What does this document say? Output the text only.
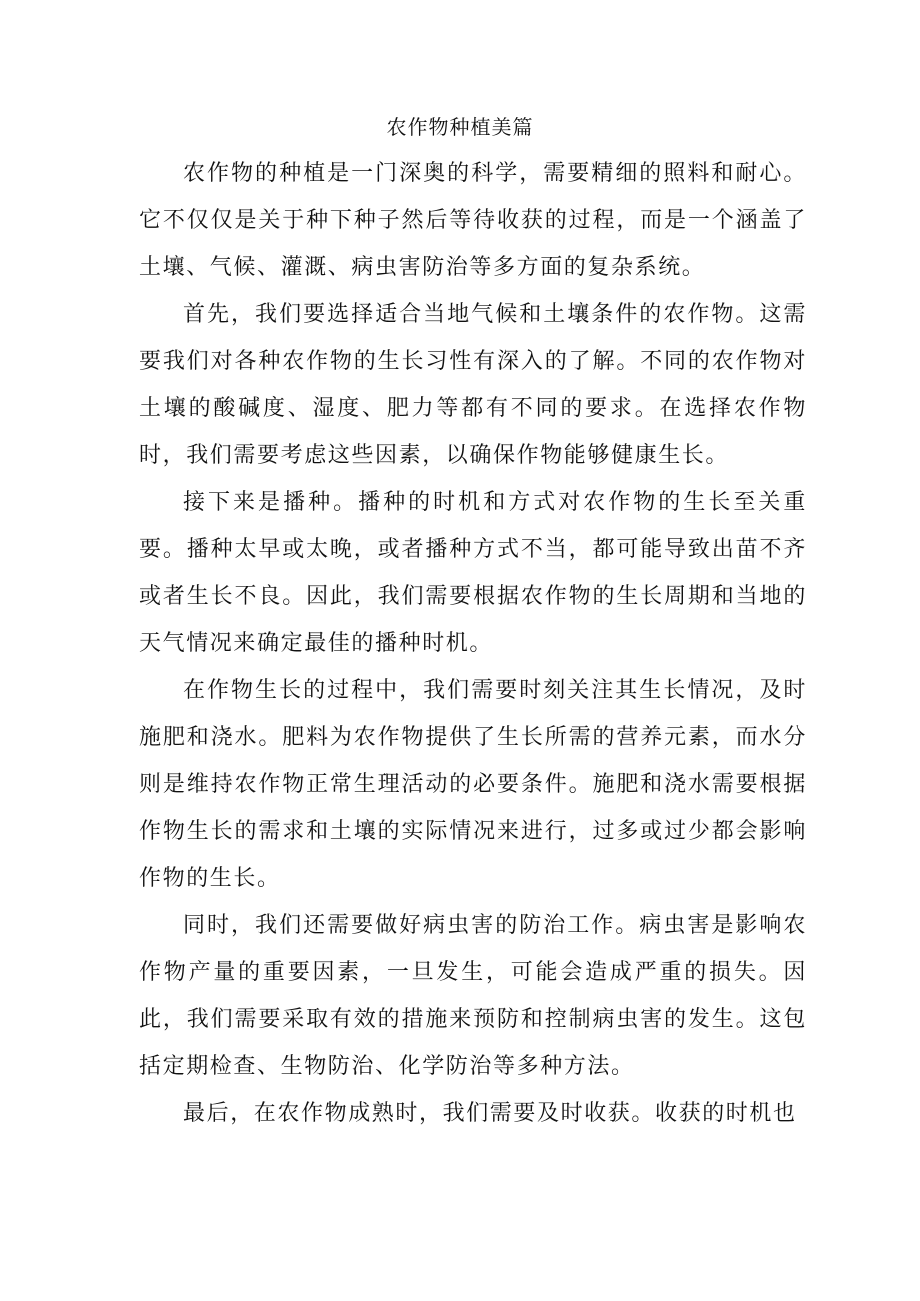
农作物种植美篇

农作物的种植是一门深奥的科学，需要精细的照料和耐心。它不仅仅是关于种下种子然后等待收获的过程，而是一个涵盖了土壤、气候、灌溉、病虫害防治等多方面的复杂系统。

首先，我们要选择适合当地气候和土壤条件的农作物。这需要我们对各种农作物的生长习性有深入的了解。不同的农作物对土壤的酸碱度、湿度、肥力等都有不同的要求。在选择农作物时，我们需要考虑这些因素，以确保作物能够健康生长。

接下来是播种。播种的时机和方式对农作物的生长至关重要。播种太早或太晚，或者播种方式不当，都可能导致出苗不齐或者生长不良。因此，我们需要根据农作物的生长周期和当地的天气情况来确定最佳的播种时机。

在作物生长的过程中，我们需要时刻关注其生长情况，及时施肥和浇水。肥料为农作物提供了生长所需的营养元素，而水分则是维持农作物正常生理活动的必要条件。施肥和浇水需要根据作物生长的需求和土壤的实际情况来进行，过多或过少都会影响作物的生长。

同时，我们还需要做好病虫害的防治工作。病虫害是影响农作物产量的重要因素，一旦发生，可能会造成严重的损失。因此，我们需要采取有效的措施来预防和控制病虫害的发生。这包括定期检查、生物防治、化学防治等多种方法。

最后，在农作物成熟时，我们需要及时收获。收获的时机也
